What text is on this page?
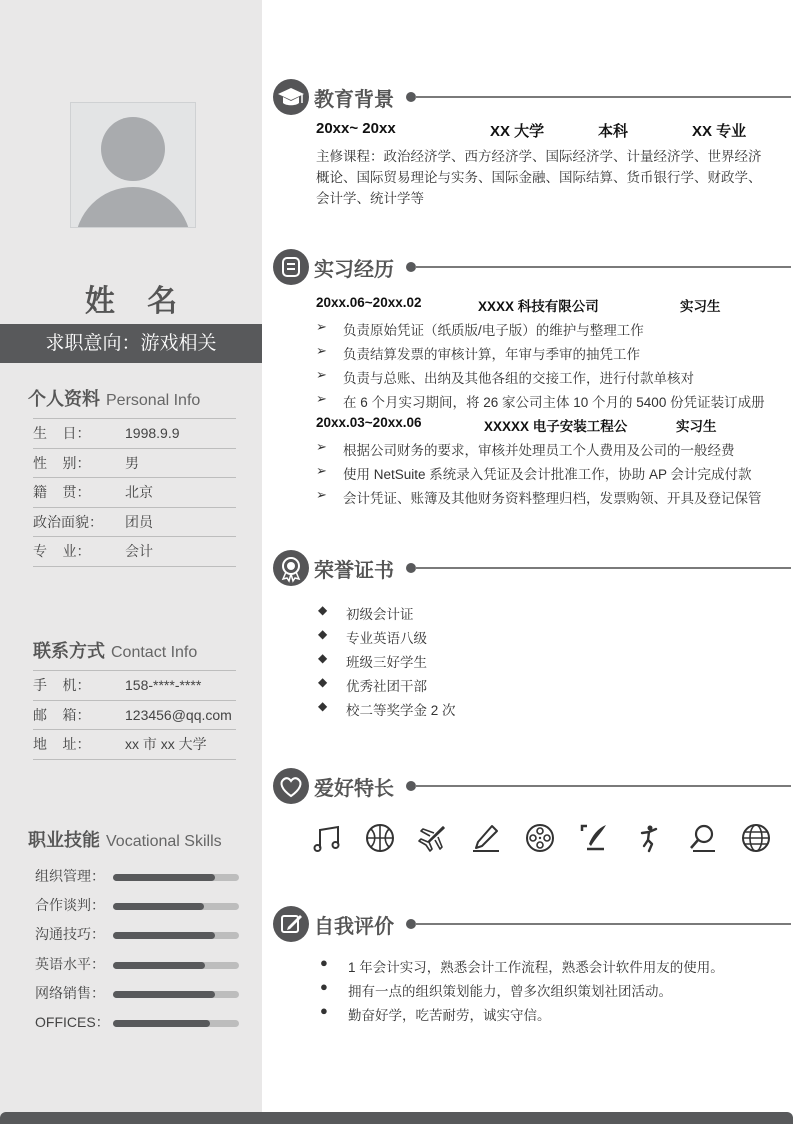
姓 名
求职意向：游戏相关
个人资料 Personal Info
生    日：	1998.9.9
性    别：	男
籍    贯：	北京
政治面貌： 团员
专    业：	会计
联系方式 Contact Info
手    机：	158-****-****
邮    箱：	123456@qq.com
地    址：	xx 市 xx 大学
职业技能 Vocational Skills
组织管理：
合作谈判：
沟通技巧：
英语水平：
网络销售：
OFFICES：
教育背景
20xx~ 20xx	XX 大学	本科	XX 专业
主修课程：政治经济学、西方经济学、国际经济学、计量经济学、世界经济
概论、国际贸易理论与实务、国际金融、国际结算、货币银行学、财政学、
会计学、统计学等
实习经历
20xx.06~20xx.02	XXXX 科技有限公司	实习生
➢ 负责原始凭证（纸质版/电子版）的维护与整理工作
➢ 负责结算发票的审核计算，年审与季审的抽凭工作
➢ 负责与总账、出纳及其他各组的交接工作，进行付款单核对
➢ 在 6 个月实习期间，将 26 家公司主体 10 个月的 5400 份凭证装订成册
20xx.03~20xx.06	XXXXX 电子安装工程公	实习生
➢ 根据公司财务的要求，审核并处理员工个人费用及公司的一般经费
➢ 使用 NetSuite 系统录入凭证及会计批准工作，协助 AP 会计完成付款
➢ 会计凭证、账簿及其他财务资料整理归档，发票购领、开具及登记保管
荣誉证书
◆ 初级会计证
◆ 专业英语八级
◆ 班级三好学生
◆ 优秀社团干部
◆ 校二等奖学金 2 次
爱好特长
自我评价
● 1 年会计实习，熟悉会计工作流程，熟悉会计软件用友的使用。
● 拥有一点的组织策划能力，曾多次组织策划社团活动。
● 勤奋好学，吃苦耐劳，诚实守信。
